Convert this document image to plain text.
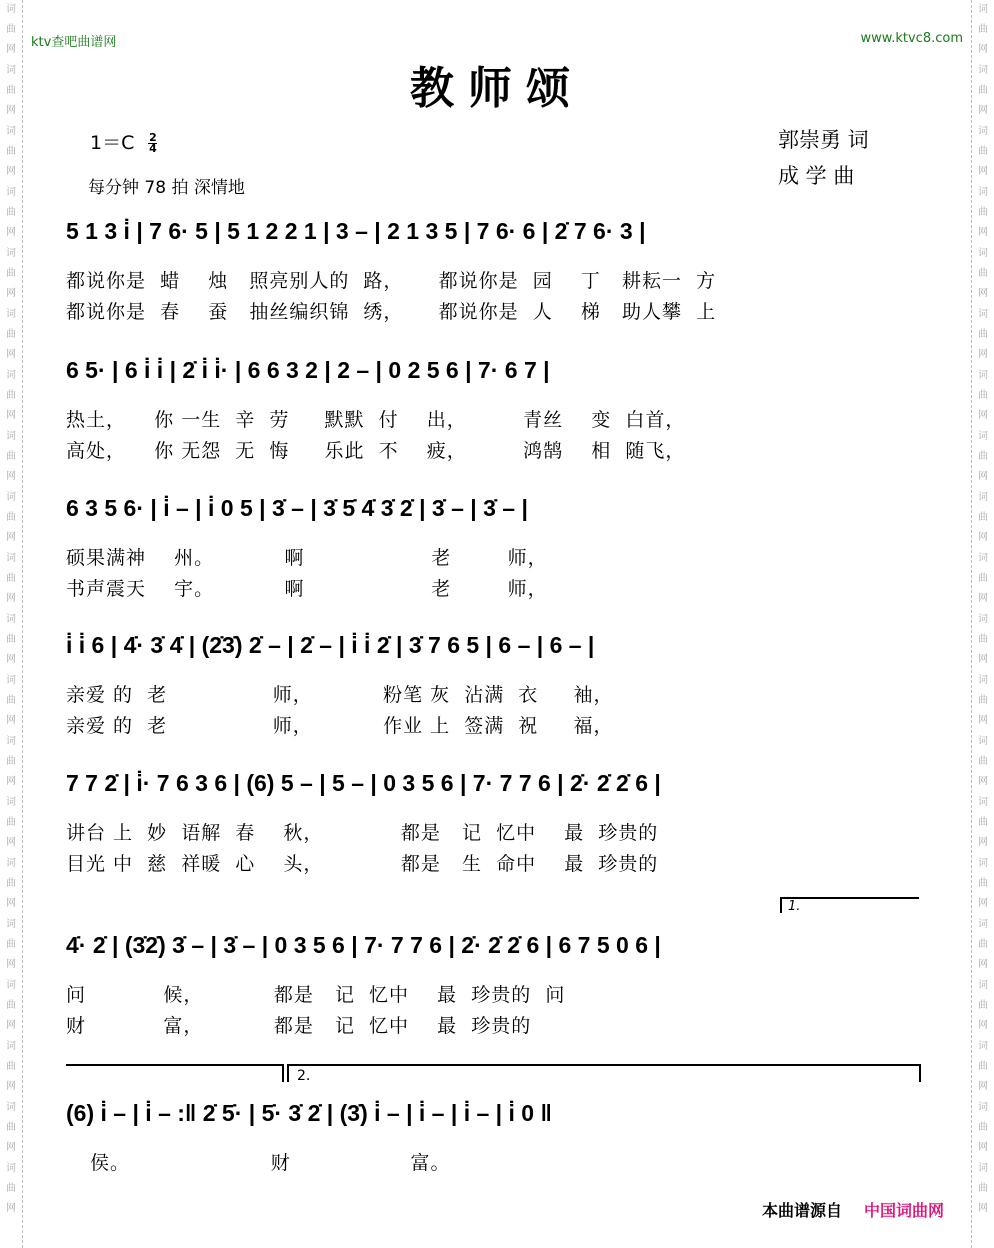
词
曲
网
词
曲
网
词
曲
网
词
曲
网
词
曲
网
词
曲
网
词
曲
网
词
曲
网
词
曲
网
词
曲
网
词
曲
网
词
曲
网
词
曲
网
词
曲
网
词
曲
网
词
曲
网
词
曲
网
词
曲
网
词
曲
网
词
曲
网
词
曲
网
词
曲
网
词
曲
网
词
曲
网
词
曲
网
词
曲
网
词
曲
网
词
曲
网
词
曲
网
词
曲
网
词
曲
网
词
曲
网
词
曲
网
词
曲
网
词
曲
网
词
曲
网
词
曲
网
词
曲
网
词
曲
网
词
曲
网
ktv查吧曲谱网	www.ktvc8.com
教师颂
$1=C \frac{2}{4}$
每分钟 78 拍 深情地
郭崇勇 词
成 学 曲
5 1 3 i̇ | 7 6· 5 | 5 1 2 2 1 | 3 – | 2 1 3 5 | 7 6· 6 | 2̇ 7 6· 3 |
都说你是  蜡    烛   照亮别人的  路，     都说你是  园    丁   耕耘一  方
都说你是  春    蚕   抽丝编织锦  绣，     都说你是  人    梯   助人攀  上
6 5· | 6 i̇ i̇ | 2̇ i̇ i̇· | 6 6 3 2 | 2 – | 0 2 5 6 | 7· 6 7 |
热土，    你 一生  辛  劳     默默  付    出，        青丝    变  白首，
高处，    你 无怨  无  悔     乐此  不    疲，        鸿鹄    相  随飞，
6 3 5 6· | i̇ – | i̇ 0 5 | 3̇ – | 3̇ 5̇ 4̇ 3̇ 2̇ | 3̇ – | 3̇ – |
硕果满神    州。          啊                  老        师，
书声震天    宇。          啊                  老        师，
i̇ i̇ 6 | 4̇· 3̇ 4̇ | (2̇3̇) 2̇ – | 2̇ – | i̇ i̇ 2̇ | 3̇ 7 6 5 | 6 – | 6 – |
亲爱 的  老               师，          粉笔 灰  沾满  衣     袖，
亲爱 的  老               师，          作业 上  签满  祝     福，
7 7 2̇ | i̇· 7 6 3 6 | (6) 5 – | 5 – | 0 3 5 6 | 7· 7 7 6 | 2̇· 2̇ 2̇ 6 |
讲台 上  妙  语解  春    秋，           都是   记  忆中    最  珍贵的
目光 中  慈  祥暖  心    头，           都是   生  命中    最  珍贵的
1.
4̇· 2̇ | (3̇2̇) 3̇ – | 3̇ – | 0 3 5 6 | 7· 7 7 6 | 2̇· 2̇ 2̇ 6 | 6 7 5 0 6 |
问           候，          都是   记  忆中    最  珍贵的  问
财           富，          都是   记  忆中    最  珍贵的
2.
(6) i̇ – | i̇ – :‖ 2̇ 5̇· | 5̇· 3̇ 2̇ | (3̇) i̇ – | i̇ – | i̇ – | i̇ 0 ‖
侯。                    财                 富。
本曲谱源自 中国词曲网
